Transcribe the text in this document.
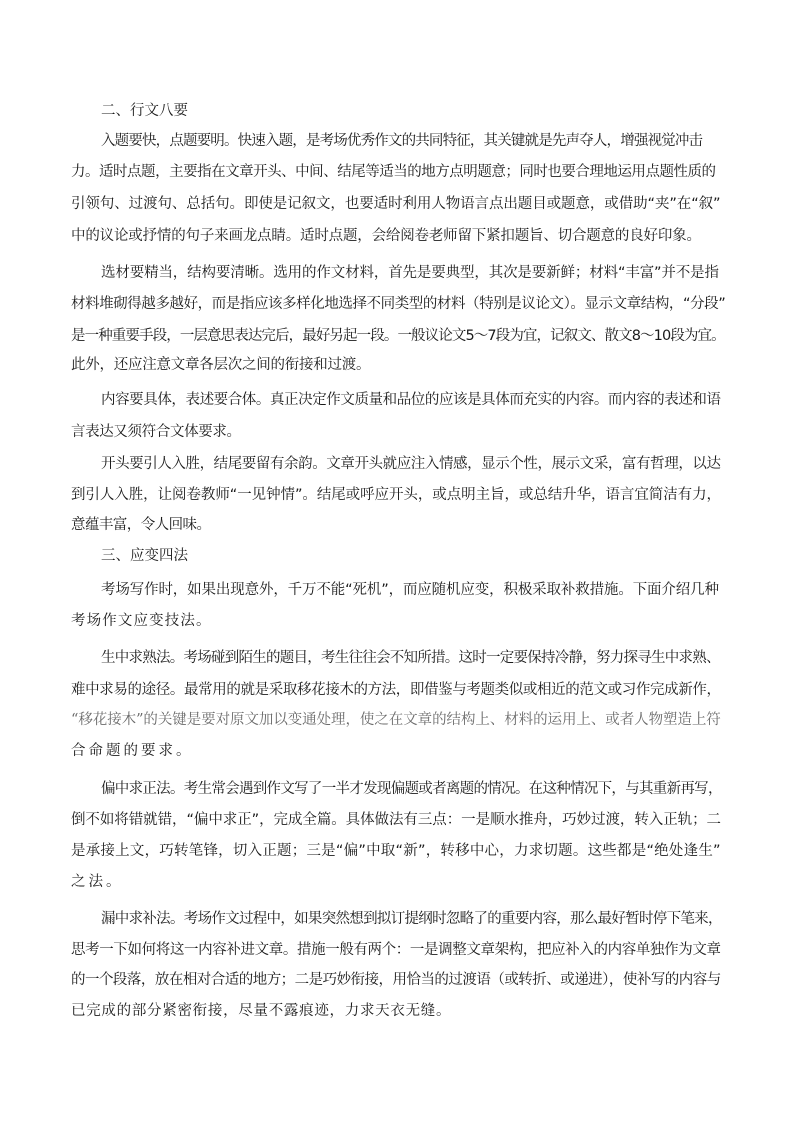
二、行文八要
入题要快，点题要明。快速入题，是考场优秀作文的共同特征，其关键就是先声夺人，增强视觉冲击
力。适时点题，主要指在文章开头、中间、结尾等适当的地方点明题意；同时也要合理地运用点题性质的
引领句、过渡句、总括句。即使是记叙文，也要适时利用人物语言点出题目或题意，或借助“夹”在“叙”
中的议论或抒情的句子来画龙点睛。适时点题，会给阅卷老师留下紧扣题旨、切合题意的良好印象。
选材要精当，结构要清晰。选用的作文材料，首先是要典型，其次是要新鲜；材料“丰富”并不是指
材料堆砌得越多越好，而是指应该多样化地选择不同类型的材料（特别是议论文）。显示文章结构，“分段”
是一种重要手段，一层意思表达完后，最好另起一段。一般议论文5～7段为宜，记叙文、散文8～10段为宜。
此外，还应注意文章各层次之间的衔接和过渡。
内容要具体，表述要合体。真正决定作文质量和品位的应该是具体而充实的内容。而内容的表述和语
言表达又须符合文体要求。
开头要引人入胜，结尾要留有余韵。文章开头就应注入情感，显示个性，展示文采，富有哲理，以达
到引人入胜，让阅卷教师“一见钟情”。结尾或呼应开头，或点明主旨，或总结升华，语言宜简洁有力，
意蕴丰富，令人回味。
三、应变四法
考场写作时，如果出现意外，千万不能“死机”，而应随机应变，积极采取补救措施。下面介绍几种
考场作文应变技法。
生中求熟法。考场碰到陌生的题目，考生往往会不知所措。这时一定要保持冷静，努力探寻生中求熟、
难中求易的途径。最常用的就是采取移花接木的方法，即借鉴与考题类似或相近的范文或习作完成新作，
“移花接木”的关键是要对原文加以变通处理，使之在文章的结构上、材料的运用上、或者人物塑造上符
合命题的要求。
偏中求正法。考生常会遇到作文写了一半才发现偏题或者离题的情况。在这种情况下，与其重新再写，
倒不如将错就错，“偏中求正”，完成全篇。具体做法有三点：一是顺水推舟，巧妙过渡，转入正轨；二
是承接上文，巧转笔锋，切入正题；三是“偏”中取“新”，转移中心，力求切题。这些都是“绝处逢生”
之法。
漏中求补法。考场作文过程中，如果突然想到拟订提纲时忽略了的重要内容，那么最好暂时停下笔来，
思考一下如何将这一内容补进文章。措施一般有两个：一是调整文章架构，把应补入的内容单独作为文章
的一个段落，放在相对合适的地方；二是巧妙衔接，用恰当的过渡语（或转折、或递进），使补写的内容与
已完成的部分紧密衔接，尽量不露痕迹，力求天衣无缝。
